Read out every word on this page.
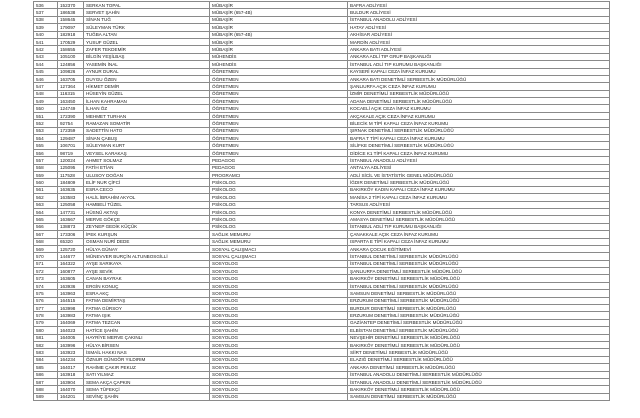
536	152370	SERKAN TOPAL	MÜBAŞİR	BAFRA ADLİYESİ
537	186538	SERVET ŞAHİN	MÜBAŞİR (657-4B)	BULDUR ADLİYESİ
538	158645	SİNAN TUĞ	MÜBAŞİR	İSTANBUL ANADOLU ADLİYESİ
539	179097	SÜLEYMAN TÜRK	MÜBAŞİR	HATAY ADLİYESİ
540	182918	TUĞBA ALTAN	MÜBAŞİR (657-4B)	AKHİSAR ADLİYESİ
541	170529	YUSUF GÜZEL	MÜBAŞİR	MARDİN ADLİYESİ
542	158655	ZAFER TEKDEMİR	MÜBAŞİR	ANKARA BATI ADLİYESİ
543	105100	BİLGİN YEŞİLBAŞ	MÜHENDİS	ANKARA ADLİ TIP GRUP BAŞKANLIĞI
544	124856	YASEMİN İNAL	MÜHENDİS	İSTANBUL ADLİ TIP KURUMU BAŞKANLIĞI
545	109826	AYNUR DURAL	ÖĞRETMEN	KAYSERİ KAPALI CEZA İNFAZ KURUMU
546	163705	DUYGU ÖZEN	ÖĞRETMEN	ANKARA BATI DENETİMLİ SERBESTLİK MÜDÜRLÜĞÜ
547	127364	HİKMET DEMİR	ÖĞRETMEN	ŞANLIURFA AÇIK CEZA İNFAZ KURUMU
548	116315	HÜSEYİN GÜZEL	ÖĞRETMEN	İZMİR DENETİMLİ SERBESTLİK MÜDÜRLÜĞÜ
549	163450	İLHAN KAHRAMAN	ÖĞRETMEN	ADANA DENETİMLİ SERBESTLİK MÜDÜRLÜĞÜ
550	124749	İLHAN ÖZ	ÖĞRETMEN	KOCAELİ AÇIK CEZA İNFAZ KURUMU
551	172390	MEHMET TURHAN	ÖĞRETMEN	AKÇAKALE AÇIK CEZA İNFAZ KURUMU
552	92754	RAMAZAN SOMATİR	ÖĞRETMEN	BİLECİK M TİPİ KAPALI CEZA İNFAZ KURUMU
553	172359	SADETTİN HATO	ÖĞRETMEN	ŞIRNAK DENETİMLİ SERBESTLİK MÜDÜRLÜĞÜ
554	129487	SİNAN ÇABUŞ	ÖĞRETMEN	BAFRA T TİPİ KAPALI CEZA İNFAZ KURUMU
555	106701	SÜLEYMAN KURT	ÖĞRETMEN	SİLİFKE DENETİMLİ SERBESTLİK MÜDÜRLÜĞÜ
556	98719	VEYSEL KARAKAŞ	ÖĞRETMEN	DİDİCE K1 TİPİ KAPALI CEZA İNFAZ KURUMU
557	120024	AHMET SOLMAZ	PEDAGOG	İSTANBUL ANADOLU ADLİYESİ
558	125095	FATİH ETİAN	PEDAGOG	ANTALYA ADLİYESİ
559	117528	ULUSOY DOĞAN	PROGRAMCI	ADLİ SİCİL VE İSTATİSTİK GENEL MÜDÜRLÜĞÜ
560	184809	ELİF NUR ÇİFCİ	PSİKOLOG	İĞDIR DENETİMLİ SERBESTLİK MÜDÜRLÜĞÜ
561	163635	ESRA CECO	PSİKOLOG	BAKIRKÖY KADIN KAPALI CEZA İNFAZ KURUMU
562	163583	HALİL İBRAHİM AKYOL	PSİKOLOG	MANİSA 2 TİPİ KAPALI CEZA İNFAZ KURUMU
563	125058	HAMBELİ TÜZEL	PSİKOLOG	TARSUS ADLİYESİ
564	147731	HÜSNÜ AKTAŞ	PSİKOLOG	KONYA DENETİMLİ SERBESTLİK MÜDÜRLÜĞÜ
565	163667	MERVE GÖKÇE	PSİKOLOG	AMASYA DENETİMLİ SERBESTLİK MÜDÜRLÜĞÜ
566	138873	ZEYNEP GEDİK KÜÇÜK	PSİKOLOG	İSTANBUL ADLİ TIP KURUMU BAŞKANLIĞI
567	173306	İPEK KURŞUN	SAĞLIK MEMURU	ÇANAKKALE AÇIK CEZA İNFAZ KURUMU
568	65320	OSMAN NURİ DEDE	SAĞLIK MEMURU	ISPARTA E TİPİ KAPALI CEZA İNFAZ KURUMU
569	125720	HÜLYA GÜNAY	SOSYAL ÇALIŞMACI	ANKARA ÇOCUK EĞİTİMEVİ
570	144677	MÜNEVVER BURÇİN ALTUNBOSGİLLİ	SOSYAL ÇALIŞMACI	İSTANBUL DENETİMLİ SERBESTLİK MÜDÜRLÜĞÜ
571	164322	AYŞE SARIKAYA	SOSYOLOG	İSTANBUL DENETİMLİ SERBESTLİK MÜDÜRLÜĞÜ
572	160877	AYŞE SEVİK	SOSYOLOG	ŞANLIURFA DENETİMLİ SERBESTLİK MÜDÜRLÜĞÜ
573	163605	CANAN BAYRAK	SOSYOLOG	BAKIRKÖY DENETİMLİ SERBESTLİK MÜDÜRLÜĞÜ
574	163936	ERGİN KONUÇ	SOSYOLOG	İSTANBUL DENETİMLİ SERBESTLİK MÜDÜRLÜĞÜ
575	163963	ESRA AKÇ	SOSYOLOG	SAMSUN DENETİMLİ SERBESTLİK MÜDÜRLÜĞÜ
576	164515	FATMA DEMİRTAŞ	SOSYOLOG	ERZURUM DENETİMLİ SERBESTLİK MÜDÜRLÜĞÜ
577	163998	FATMA GÜRSOY	SOSYOLOG	BURDUR DENETİMLİ SERBESTLİK MÜDÜRLÜĞÜ
578	163983	FATMA IŞIK	SOSYOLOG	ERZURUM DENETİMLİ SERBESTLİK MÜDÜRLÜĞÜ
579	164069	FATMA TEZCAN	SOSYOLOG	GAZİANTEP DENETİMLİ SERBESTLİK MÜDÜRLÜĞÜ
580	164023	HATİCE ŞAHİN	SOSYOLOG	ELBİSTAN DENETİMLİ SERBESTLİK MÜDÜRLÜĞÜ
581	164005	HAYRİYE MERVE ÇAKINLI	SOSYOLOG	NEVŞEHİR DENETİMLİ SERBESTLİK MÜDÜRLÜĞÜ
582	163996	HÜLYA BİRSEN	SOSYOLOG	BAKIRKÖY DENETİMLİ SERBESTLİK MÜDÜRLÜĞÜ
583	163923	İSMAİL HAKKI NAS	SOSYOLOG	SİİRT DENETİMLİ SERBESTLİK MÜDÜRLÜĞÜ
584	164234	ÖZNUR GÜNGÖR YILDIRIM	SOSYOLOG	ELAZIĞ DENETİMLİ SERBESTLİK MÜDÜRLÜĞÜ
585	164017	RAHİME ÇAKIR PEKUZ	SOSYOLOG	ANKARA DENETİMLİ SERBESTLİK MÜDÜRLÜĞÜ
586	163918	SATI YILMAZ	SOSYOLOG	İSTANBUL ANADOLU DENETİMLİ SERBESTLİK MÜDÜRLÜĞÜ
587	163904	SEMA AKÇA ÇAPKIN	SOSYOLOG	İSTANBUL ANADOLU DENETİMLİ SERBESTLİK MÜDÜRLÜĞÜ
588	164070	SEMA TÜFEKÇİ	SOSYOLOG	BAKIRKÖY DENETİMLİ SERBESTLİK MÜDÜRLÜĞÜ
589	164201	SEVİNÇ ŞAHİN	SOSYOLOG	SAMSUN DENETİMLİ SERBESTLİK MÜDÜRLÜĞÜ
